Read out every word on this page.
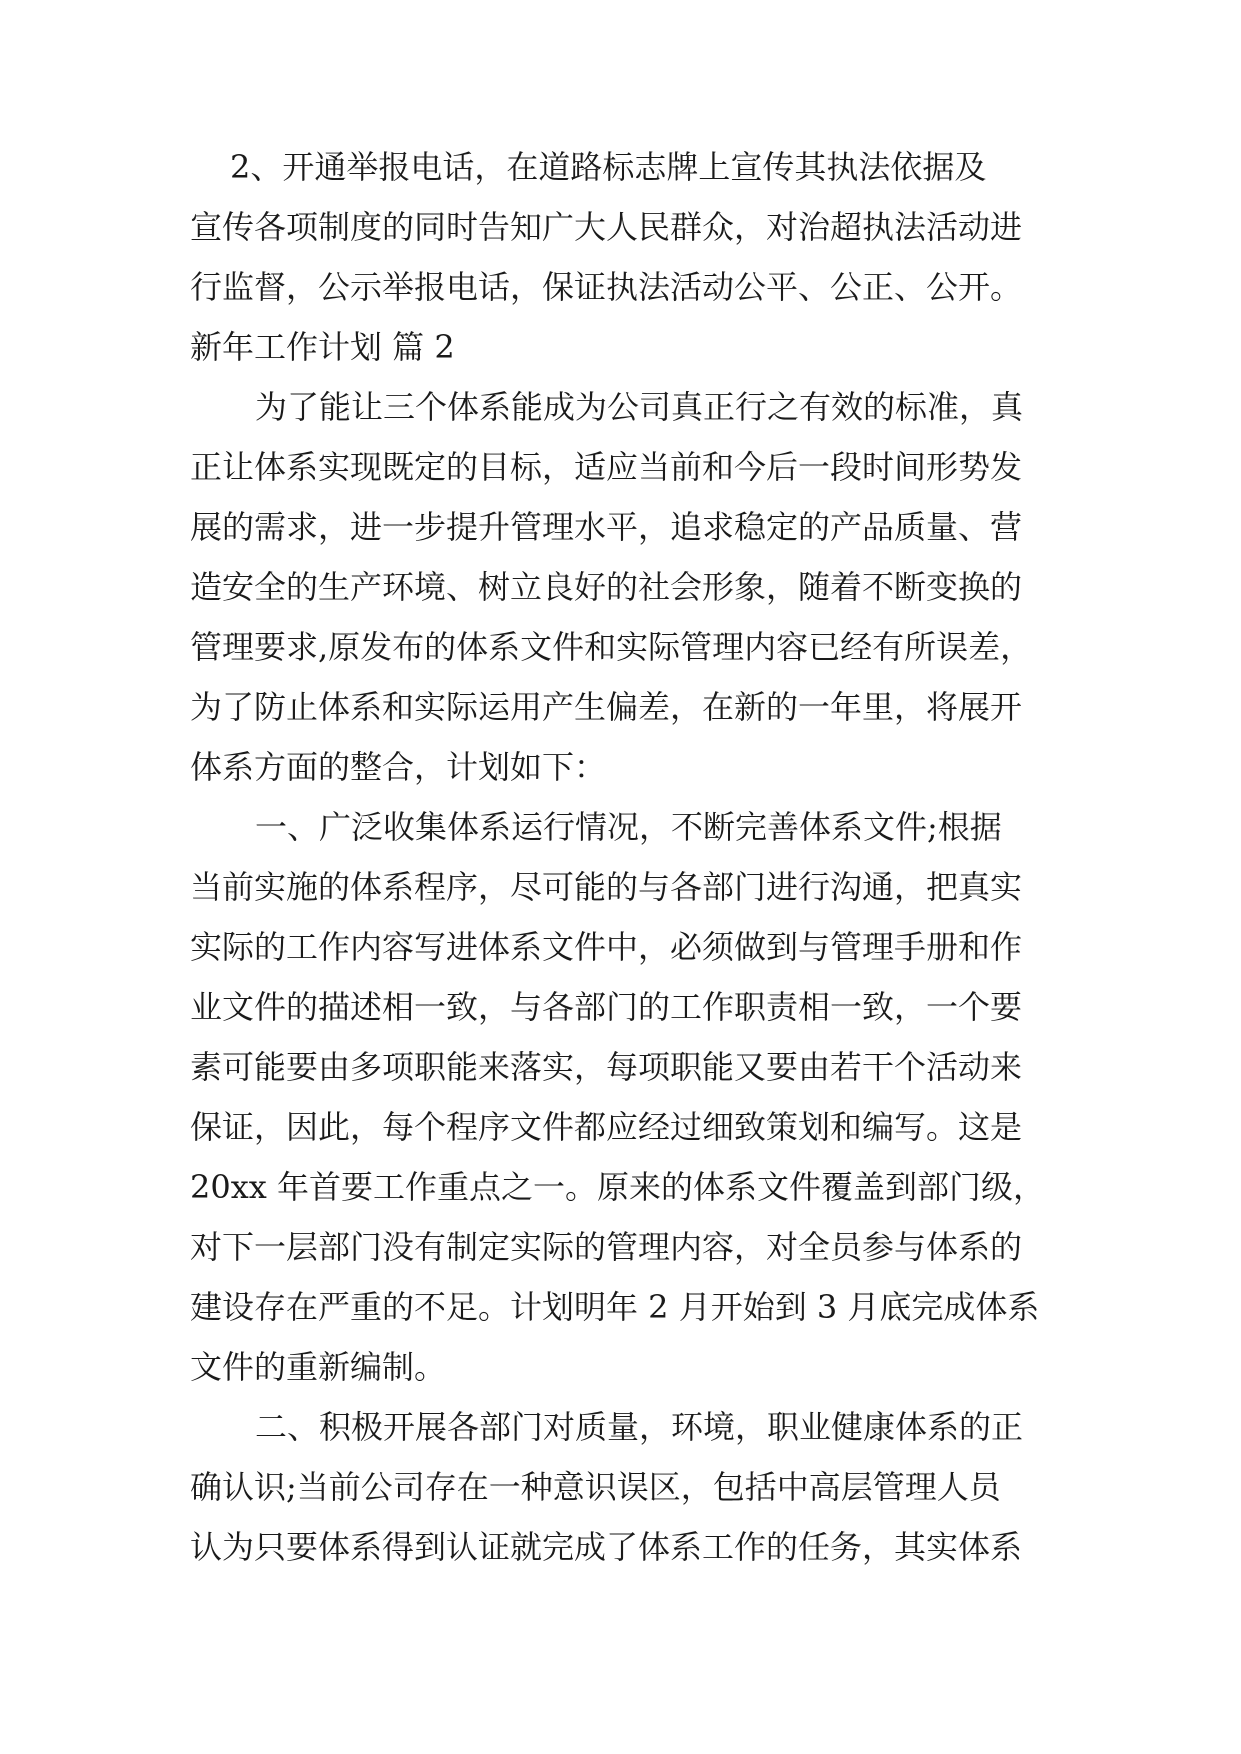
2、开通举报电话，在道路标志牌上宣传其执法依据及
宣传各项制度的同时告知广大人民群众，对治超执法活动进
行监督，公示举报电话，保证执法活动公平、公正、公开。
新年工作计划 篇 2
为了能让三个体系能成为公司真正行之有效的标准，真
正让体系实现既定的目标，适应当前和今后一段时间形势发
展的需求，进一步提升管理水平，追求稳定的产品质量、营
造安全的生产环境、树立良好的社会形象，随着不断变换的
管理要求,原发布的体系文件和实际管理内容已经有所误差，
为了防止体系和实际运用产生偏差，在新的一年里，将展开
体系方面的整合，计划如下：
一、广泛收集体系运行情况，不断完善体系文件;根据
当前实施的体系程序，尽可能的与各部门进行沟通，把真实
实际的工作内容写进体系文件中，必须做到与管理手册和作
业文件的描述相一致，与各部门的工作职责相一致，一个要
素可能要由多项职能来落实，每项职能又要由若干个活动来
保证，因此，每个程序文件都应经过细致策划和编写。这是
20xx 年首要工作重点之一。原来的体系文件覆盖到部门级，
对下一层部门没有制定实际的管理内容，对全员参与体系的
建设存在严重的不足。计划明年 2 月开始到 3 月底完成体系
文件的重新编制。
二、积极开展各部门对质量，环境，职业健康体系的正
确认识;当前公司存在一种意识误区，包括中高层管理人员
认为只要体系得到认证就完成了体系工作的任务，其实体系
